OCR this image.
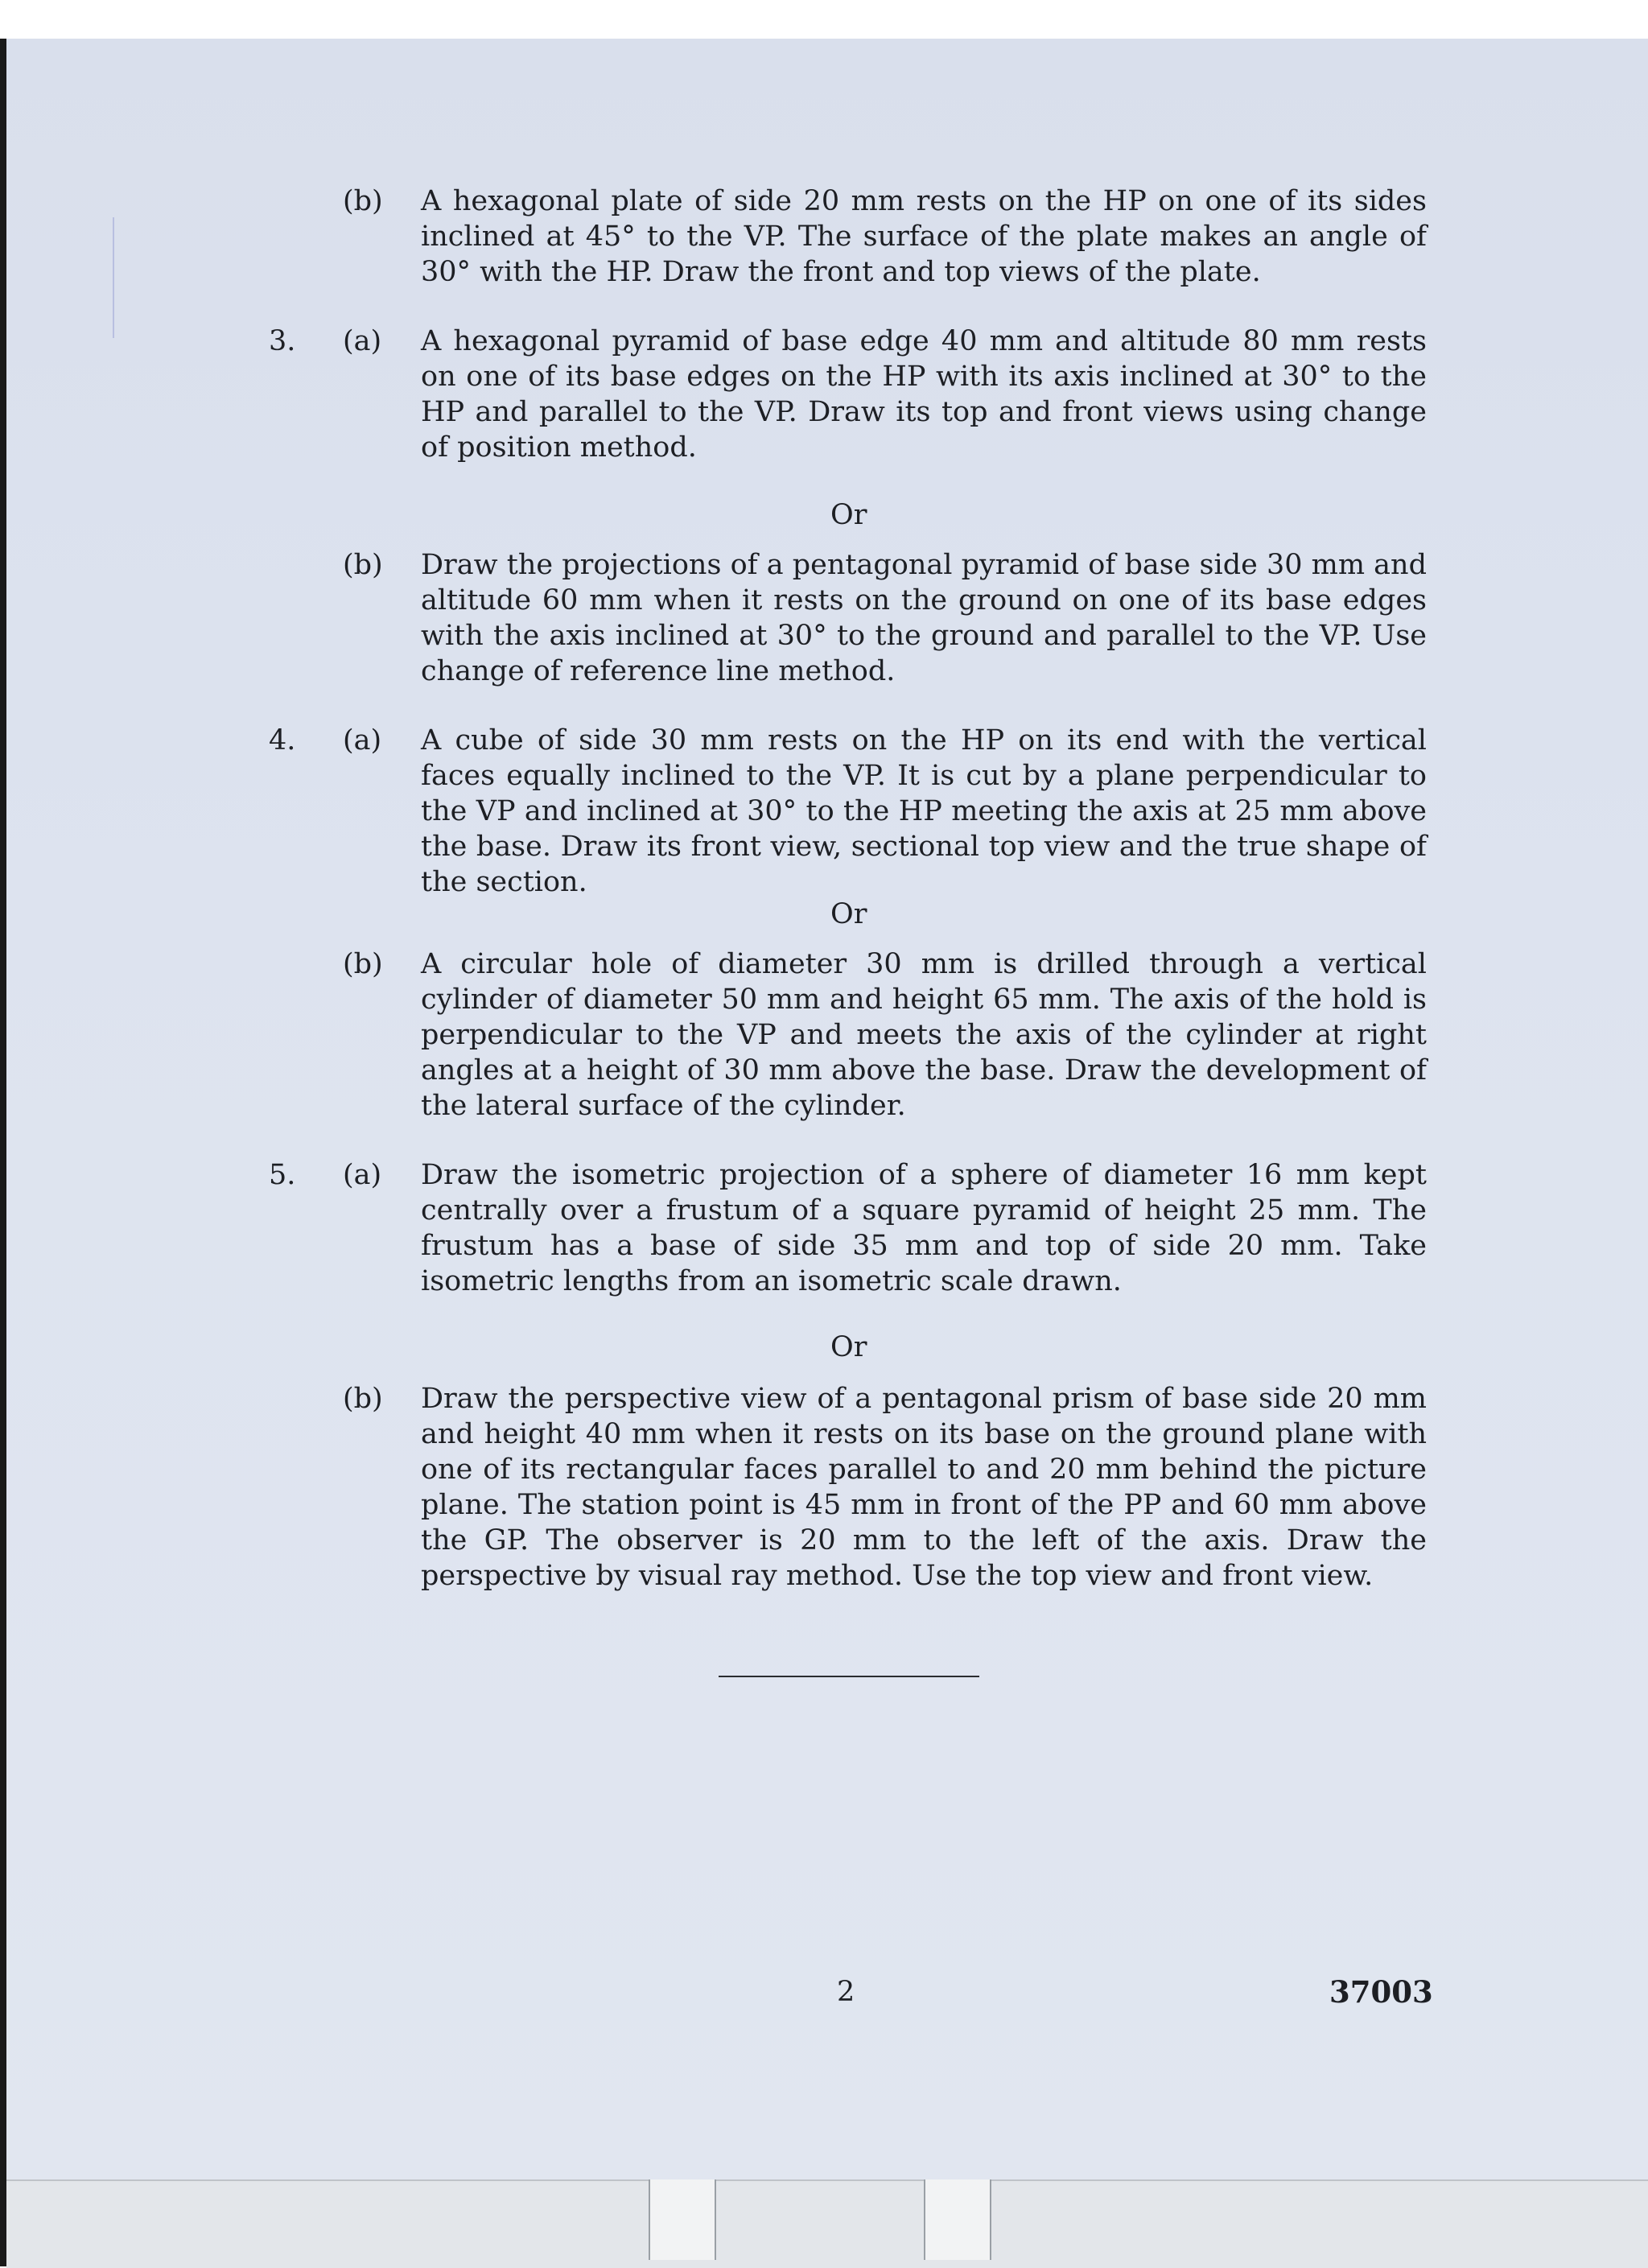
(b) A hexagonal plate of side 20 mm rests on the HP on one of its sides inclined at 45° to the VP. The surface of the plate makes an angle of 30° with the HP. Draw the front and top views of the plate.
3. (a) A hexagonal pyramid of base edge 40 mm and altitude 80 mm rests on one of its base edges on the HP with its axis inclined at 30° to the HP and parallel to the VP. Draw its top and front views using change of position method.
Or
(b) Draw the projections of a pentagonal pyramid of base side 30 mm and altitude 60 mm when it rests on the ground on one of its base edges with the axis inclined at 30° to the ground and parallel to the VP. Use change of reference line method.
4. (a) A cube of side 30 mm rests on the HP on its end with the vertical faces equally inclined to the VP. It is cut by a plane perpendicular to the VP and inclined at 30° to the HP meeting the axis at 25 mm above the base. Draw its front view, sectional top view and the true shape of the section.
Or
(b) A circular hole of diameter 30 mm is drilled through a vertical cylinder of diameter 50 mm and height 65 mm. The axis of the hold is perpendicular to the VP and meets the axis of the cylinder at right angles at a height of 30 mm above the base. Draw the development of the lateral surface of the cylinder.
5. (a) Draw the isometric projection of a sphere of diameter 16 mm kept centrally over a frustum of a square pyramid of height 25 mm. The frustum has a base of side 35 mm and top of side 20 mm. Take isometric lengths from an isometric scale drawn.
Or
(b) Draw the perspective view of a pentagonal prism of base side 20 mm and height 40 mm when it rests on its base on the ground plane with one of its rectangular faces parallel to and 20 mm behind the picture plane. The station point is 45 mm in front of the PP and 60 mm above the GP. The observer is 20 mm to the left of the axis. Draw the perspective by visual ray method. Use the top view and front view.
2	37003
